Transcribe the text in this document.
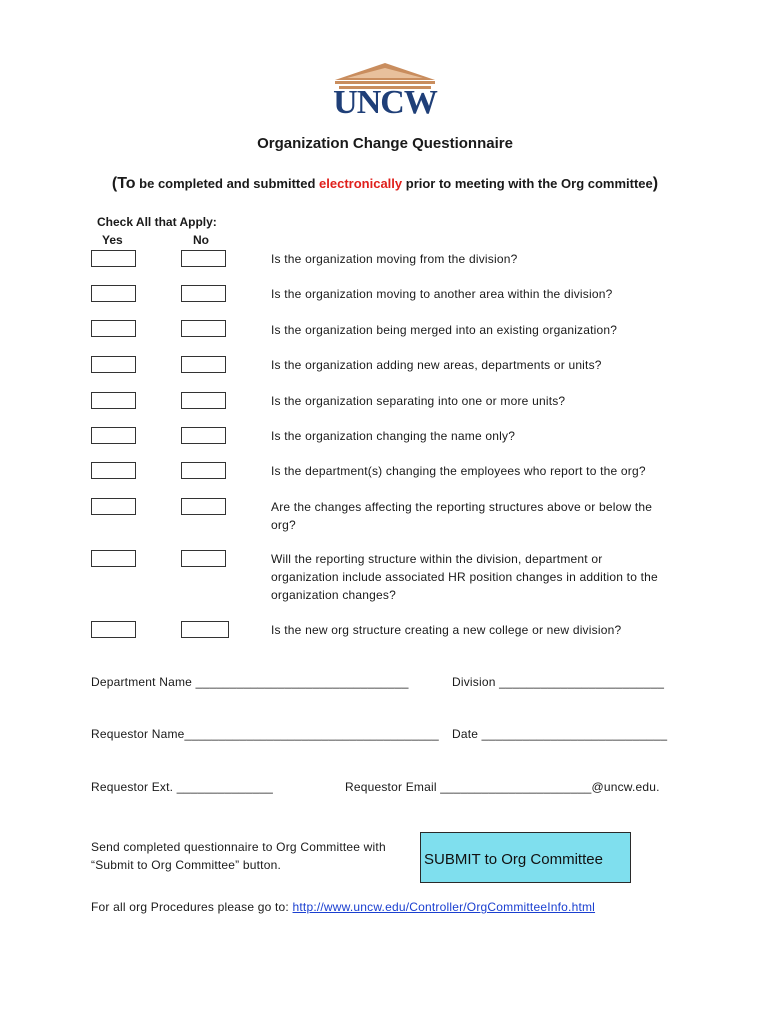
UNCW
Organization Change Questionnaire
(To be completed and submitted electronically prior to meeting with the Org committee)
Check All that Apply:
Yes	No
Is the organization moving from the division?
Is the organization moving to another area within the division?
Is the organization being merged into an existing organization?
Is the organization adding new areas, departments or units?
Is the organization separating into one or more units?
Is the organization changing the name only?
Is the department(s) changing the employees who report to the org?
Are the changes affecting the reporting structures above or below the org?
Will the reporting structure within the division, department or organization include associated HR position changes in addition to the organization changes?
Is the new org structure creating a new college or new division?
Department Name _______________________________	Division ________________________
Requestor Name_____________________________________ Date ___________________________
Requestor Ext. ______________	Requestor Email ______________________@uncw.edu.
Send completed questionnaire to Org Committee with “Submit to Org Committee” button.	SUBMIT to Org Committee
For all org Procedures please go to: http://www.uncw.edu/Controller/OrgCommitteeInfo.html
